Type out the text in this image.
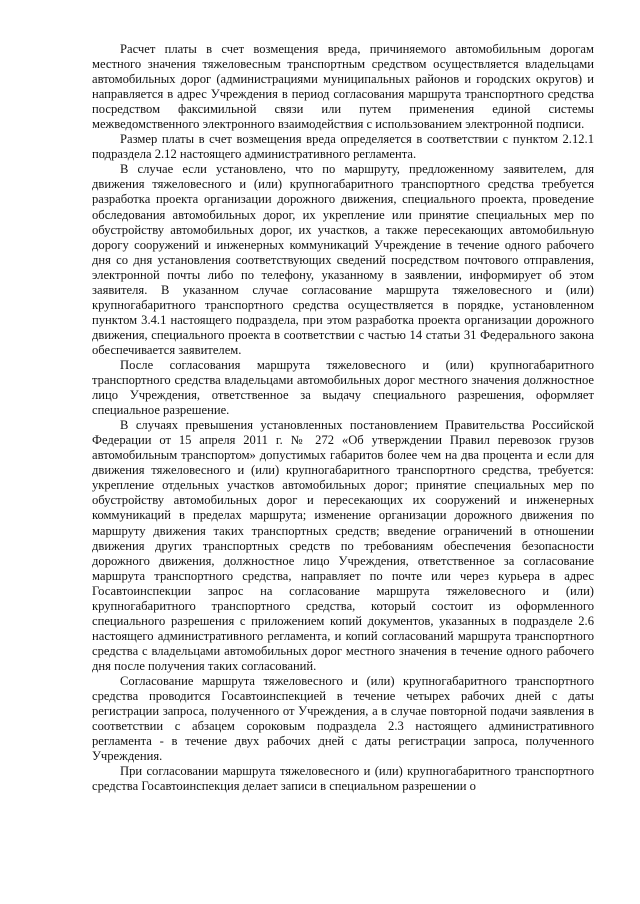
Расчет платы в счет возмещения вреда, причиняемого автомобильным дорогам местного значения тяжеловесным транспортным средством осуществляется владельцами автомобильных дорог (администрациями муниципальных районов и городских округов) и направляется в адрес Учреждения в период согласования маршрута транспортного средства посредством факсимильной связи или путем применения единой системы межведомственного электронного взаимодействия с использованием электронной подписи.

Размер платы в счет возмещения вреда определяется в соответствии с пунктом 2.12.1 подраздела 2.12 настоящего административного регламента.

В случае если установлено, что по маршруту, предложенному заявителем, для движения тяжеловесного и (или) крупногабаритного транспортного средства требуется разработка проекта организации дорожного движения, специального проекта, проведение обследования автомобильных дорог, их укрепление или принятие специальных мер по обустройству автомобильных дорог, их участков, а также пересекающих автомобильную дорогу сооружений и инженерных коммуникаций Учреждение в течение одного рабочего дня со дня установления соответствующих сведений посредством почтового отправления, электронной почты либо по телефону, указанному в заявлении, информирует об этом заявителя. В указанном случае согласование маршрута тяжеловесного и (или) крупногабаритного транспортного средства осуществляется в порядке, установленном пунктом 3.4.1 настоящего подраздела, при этом разработка проекта организации дорожного движения, специального проекта в соответствии с частью 14 статьи 31 Федерального закона обеспечивается заявителем.

После согласования маршрута тяжеловесного и (или) крупногабаритного транспортного средства владельцами автомобильных дорог местного значения должностное лицо Учреждения, ответственное за выдачу специального разрешения, оформляет специальное разрешение.

В случаях превышения установленных постановлением Правительства Российской Федерации от 15 апреля 2011 г. № 272 «Об утверждении Правил перевозок грузов автомобильным транспортом» допустимых габаритов более чем на два процента и если для движения тяжеловесного и (или) крупногабаритного транспортного средства, требуется: укрепление отдельных участков автомобильных дорог; принятие специальных мер по обустройству автомобильных дорог и пересекающих их сооружений и инженерных коммуникаций в пределах маршрута; изменение организации дорожного движения по маршруту движения таких транспортных средств; введение ограничений в отношении движения других транспортных средств по требованиям обеспечения безопасности дорожного движения, должностное лицо Учреждения, ответственное за согласование маршрута транспортного средства, направляет по почте или через курьера в адрес Госавтоинспекции запрос на согласование маршрута тяжеловесного и (или) крупногабаритного транспортного средства, который состоит из оформленного специального разрешения с приложением копий документов, указанных в подразделе 2.6 настоящего административного регламента, и копий согласований маршрута транспортного средства с владельцами автомобильных дорог местного значения в течение одного рабочего дня после получения таких согласований.

Согласование маршрута тяжеловесного и (или) крупногабаритного транспортного средства проводится Госавтоинспекцией в течение четырех рабочих дней с даты регистрации запроса, полученного от Учреждения, а в случае повторной подачи заявления в соответствии с абзацем сороковым подраздела 2.3 настоящего административного регламента - в течение двух рабочих дней с даты регистрации запроса, полученного Учреждения.

При согласовании маршрута тяжеловесного и (или) крупногабаритного транспортного средства Госавтоинспекция делает записи в специальном разрешении о
